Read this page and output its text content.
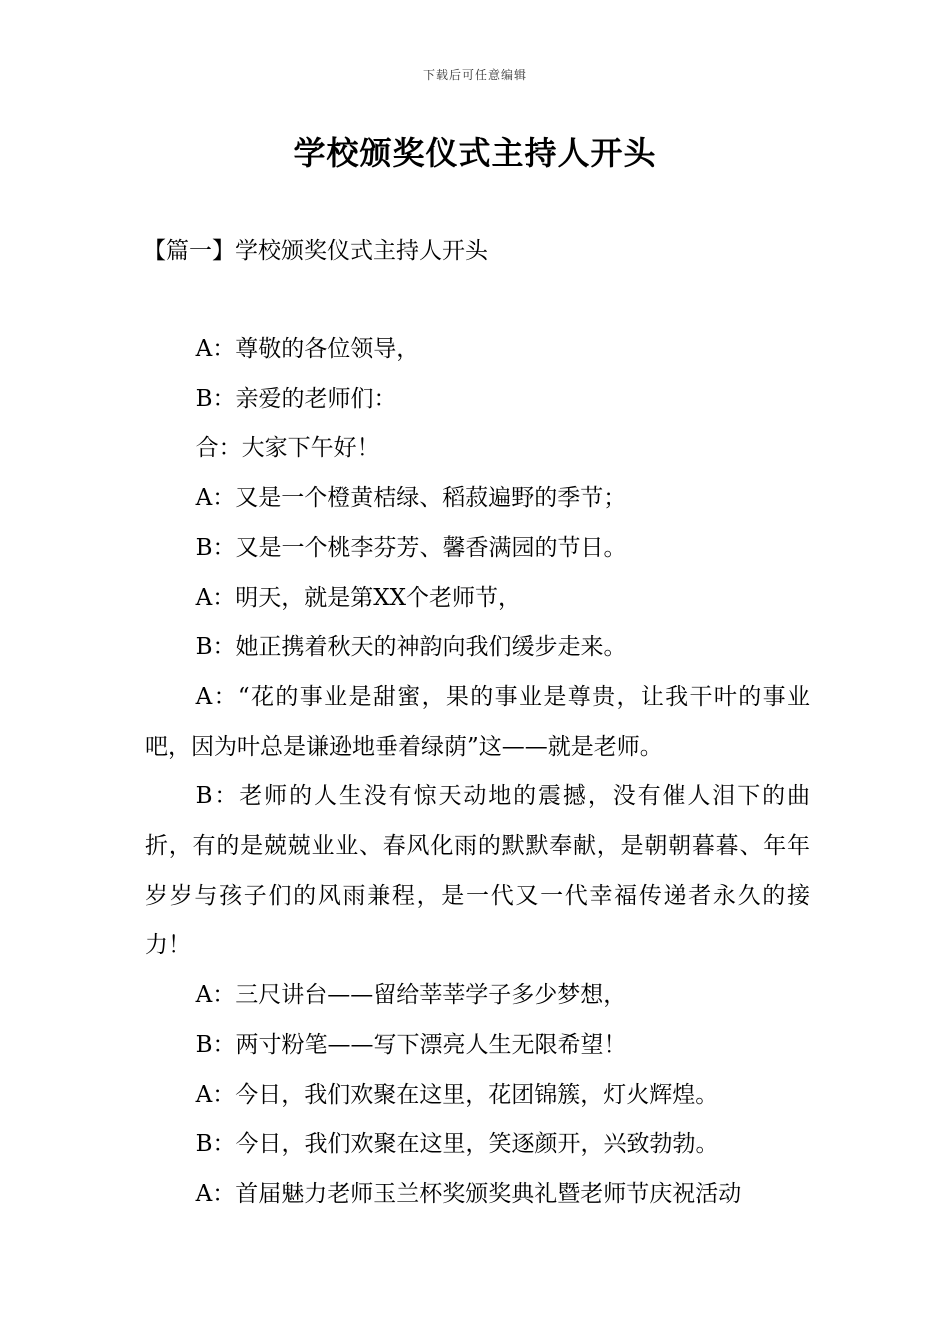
下载后可任意编辑
学校颁奖仪式主持人开头
【篇一】学校颁奖仪式主持人开头

A：尊敬的各位领导，

B：亲爱的老师们：

合：大家下午好！

A：又是一个橙黄桔绿、稻菽遍野的季节；

B：又是一个桃李芬芳、馨香满园的节日。

A：明天，就是第XX个老师节，

B：她正携着秋天的神韵向我们缓步走来。

A：“花的事业是甜蜜，果的事业是尊贵，让我干叶的事业吧，因为叶总是谦逊地垂着绿荫”这——就是老师。

B：老师的人生没有惊天动地的震撼，没有催人泪下的曲折，有的是兢兢业业、春风化雨的默默奉献，是朝朝暮暮、年年岁岁与孩子们的风雨兼程，是一代又一代幸福传递者永久的接力！

A：三尺讲台——留给莘莘学子多少梦想，

B：两寸粉笔——写下漂亮人生无限希望！

A：今日，我们欢聚在这里，花团锦簇，灯火辉煌。

B：今日，我们欢聚在这里，笑逐颜开，兴致勃勃。

A：首届魅力老师玉兰杯奖颁奖典礼暨老师节庆祝活动
